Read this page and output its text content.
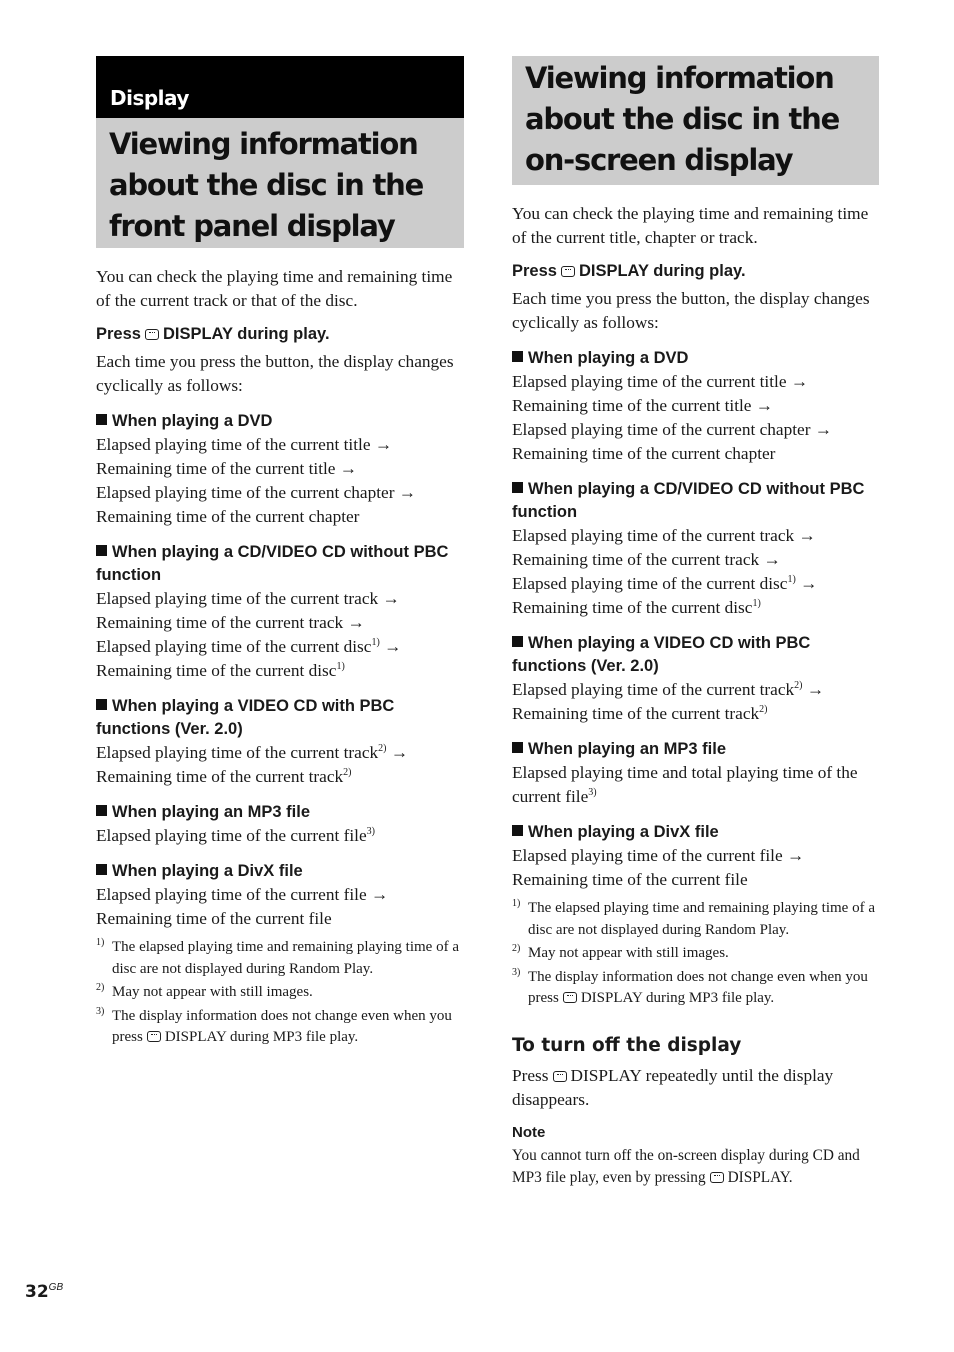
Display
Viewing information about the disc in the front panel display

You can check the playing time and remaining time of the current track or that of the disc.

Press DISPLAY during play.

Each time you press the button, the display changes cyclically as follows:

When playing a DVD

Elapsed playing time of the current title →
Remaining time of the current title →
Elapsed playing time of the current chapter →
Remaining time of the current chapter

When playing a CD/VIDEO CD without PBC function

Elapsed playing time of the current track →
Remaining time of the current track →
Elapsed playing time of the current disc$^{1)}$ →
Remaining time of the current disc$^{1)}$

When playing a VIDEO CD with PBC functions (Ver. 2.0)

Elapsed playing time of the current track$^{2)}$ →
Remaining time of the current track$^{2)}$

When playing an MP3 file

Elapsed playing time of the current file$^{3)}$

When playing a DivX file

Elapsed playing time of the current file →
Remaining time of the current file
1) The elapsed playing time and remaining playing time of a disc are not displayed during Random Play.
2) May not appear with still images.
3) The display information does not change even when you press DISPLAY during MP3 file play.
Viewing information about the disc in the on-screen display

You can check the playing time and remaining time of the current title, chapter or track.

Press DISPLAY during play.

Each time you press the button, the display changes cyclically as follows:

When playing a DVD

Elapsed playing time of the current title →
Remaining time of the current title →
Elapsed playing time of the current chapter →
Remaining time of the current chapter

When playing a CD/VIDEO CD without PBC function

Elapsed playing time of the current track →
Remaining time of the current track →
Elapsed playing time of the current disc$^{1)}$ →
Remaining time of the current disc$^{1)}$

When playing a VIDEO CD with PBC functions (Ver. 2.0)

Elapsed playing time of the current track$^{2)}$ →
Remaining time of the current track$^{2)}$

When playing an MP3 file

Elapsed playing time and total playing time of the current file$^{3)}$

When playing a DivX file

Elapsed playing time of the current file →
Remaining time of the current file
1) The elapsed playing time and remaining playing time of a disc are not displayed during Random Play.
2) May not appear with still images.
3) The display information does not change even when you press DISPLAY during MP3 file play.

To turn off the display

Press DISPLAY repeatedly until the display disappears.

Note

You cannot turn off the on-screen display during CD and MP3 file play, even by pressing DISPLAY.

$32^{GB}$
